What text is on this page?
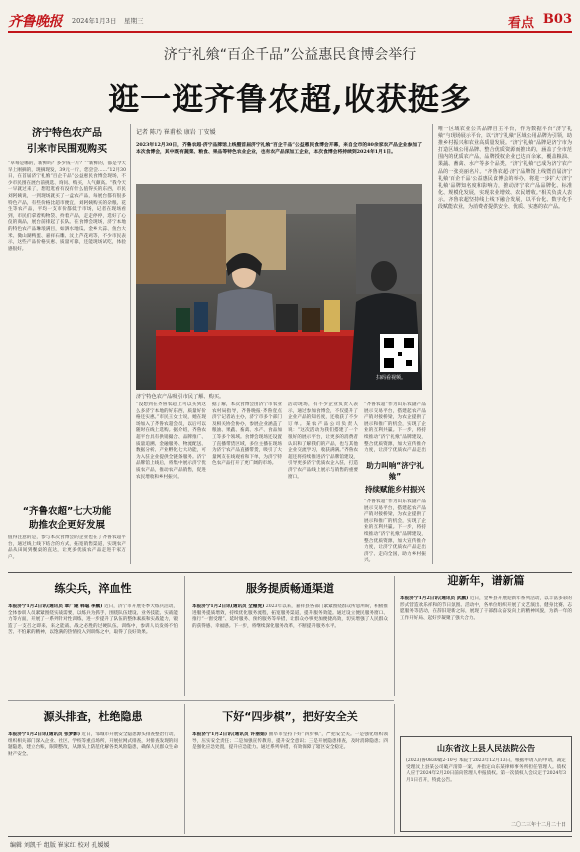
齐鲁晚报 2024年1月3日 星期三	看点 B03
济宁礼飨“百企千品”公益惠民食博会举行
逛一逛齐鲁农超,收获挺多
济宁特色农产品
引来市民围观购买
“草莓是哪的，新鲜吗？多少钱一斤？”“新鲜的，都是今天早上刚摘的，现摘现发，39元一斤，您尝尝……”12月30日，在首届济宁礼飨“百企千品”公益惠民食博会现场，不少市民围在展台前挑选、询问、购买，人气颇高。“我今天一早就过来了，想逛逛看有没有什么值得买的东西，市民刘阿姨说，一到现场就买了一盒农产品，每展台都有很多特色产品，有些价格比超市便宜，刘阿姨购买的杂粮、花生等农产品，平均一支市价都低于市场，记者在现场看到，市民们拿着购物袋、拎着产品，走走停停，选好了心仪的商品，展台前排起了长队。在食博会现场，济宁本地的特色农产品琳琅满目，如泗水地瓜、金乡大蒜、鱼台大米、微山湖鸭蛋、嘉祥石雕、汶上芦花鸡等，不少市民表示，这些产品价格实惠、质量可靠，还能现场试吃，体验感很好。
“齐鲁农超”七大功能
助推农企更好发展
值得注意的是，参与本次食博会的企业也在了齐鲁农超平台，通过线上线下结合的方式，拓宽销售渠道，实现农产品从田间到餐桌的直达，让更多优质农产品走进千家万户。
记者 陈乃 崔甫松 康岩 丁安媛
2023年12月30日，齐鲁农超·济宁品牌馆上线暨首届济宁礼飨“百企千品”公益惠民食博会开幕，来自全市的80余家农产品企业参加了本次食博会，其中既有蔬菜、粮食、果品等特色农业企业，也有农产品深加工企业，本次食博会将持续到2024年1月1日。
扫码看视频。
济宁特色农产品吸引市民了解、购买。
“没想到在齐鲁农超上可以买到这么多济宁本地的好东西，质量好价格还实惠。”市民王女士说，她在现场加入了齐鲁农超会员，以后可以随时在线上选购。据介绍，齐鲁农超平台具有供销撮合、品牌推广、质量追溯、金融服务、物流配送、数据分析、产业孵化七大功能，可为入驻企业提供全链条服务。济宁品牌馆上线后，将集中展示济宁优质农产品，推动农产品销售，促进农民增收和乡村振兴。
据了解，本次食博会由济宁市农业农村局指导，齐鲁晚报·齐鲁壹点济宁记者站主办，济宁市多个部门及相关协会协办，参展企业涵盖了粮油、果蔬、畜禽、水产、食品加工等多个领域。食博会现场还设置了直播带货区域，多位主播在现场为济宁农产品直播带货，吸引了大量网友在线观看和下单，为济宁特色农产品打开了更广阔的市场。
活动现场，有不少企业负责人表示，通过参加食博会，不仅提升了企业产品的知名度，还收获了不少订单。某农产品公司负责人说：“这次活动为我们搭建了一个很好的展示平台，让更多的消费者认识和了解我们的产品，也与其他企业交流学习，收获满满。”齐鲁农超还将持续推进济宁品牌馆建设，引导更多济宁优质农企入驻，打造济宁农产品线上展示与销售的重要窗口。
“齐鲁农超”作为山东农副产品展示交易平台，搭建起农产品产销对接桥梁，为农企提供了展示和推广的机会，实现了企业的互利共赢。下一步，将持续推动“济宁礼飨”品牌建设，整合优质资源，加大宣传推介力度，让济宁优质农产品走出
助力叫响“济宁礼飨”
持续赋能乡村振兴
“齐鲁农超”作为山东农副产品展示交易平台，搭建起农产品产销对接桥梁，为农企提供了展示和推广的机会，实现了企业的互利共赢。下一步，将持续推动“济宁礼飨”品牌建设，整合优质资源，加大宣传推介力度，让济宁优质农产品走出济宁、走向全国，助力乡村振兴。
唯一区域农业公共品牌自主平台，作为数据平台“济宁礼飨”与现场展示平台，以“济宁礼飨”区域公用品牌为引领，助推乡村振兴和农业高质量发展。“济宁礼飨”品牌是济宁市为打造区域公用品牌、整合优质资源而推出的，涵盖了全市范围内的优质农产品，品牌授权企业已达百余家，覆盖粮油、果蔬、畜禽、水产等多个品类，“济宁礼飨”已成为济宁农产品的一张亮丽名片。“齐鲁农超·济宁品牌馆上线暨首届济宁礼飨‘百企千品’公益惠民食博会的举办，将进一步扩大‘济宁礼飨’品牌知名度和影响力，推动济宁农产品品牌化、标准化、规模化发展，实现农业增效、农民增收。”相关负责人表示。齐鲁农超坚持线上线下融合发展，以平台化、数字化手段赋能农业，为消费者提供安全、优质、实惠的农产品。
练尖兵，淬血性
本报济宁1月2日讯(通讯员 章广建 韩聪 李鹏) 近日，济宁市开展冬季大练兵活动，全体参训人员紧紧围绕实战需要，以练兵为抓手，围绕队伍建设、业务技能、实战能力等方面，开展了一系列针对性训练，进一步提升了队伍的整体素质和实战能力，锻造了一支召之即来、来之能战、战之必胜的过硬队伍。训练中，参训人员发扬不怕苦、不怕累的精神，以饱满的热情投入到训练之中，取得了良好效果。
服务提质畅通渠道
本报济宁1月2日讯(通讯员 全栅虎) 2023年以来，嘉祥县各部门紧紧围绕群众所思所盼，积极推进服务提质增效，持续优化服务流程，拓宽服务渠道，提升服务效能。通过设立便民服务窗口、推行“一窗受理”、延时服务、预约服务等举措，让群众办事更加便捷高效，切实增强了人民群众的获得感、幸福感。下一步，将继续深化服务改革，不断提升服务水平。
迎新年，谱新篇
本报济宁1月2日讯(通讯员 武鹏) 近日，金乡县开展迎新年系列活动，以丰富多彩的形式营造欢乐祥和的节日氛围。活动中，各单位组织开展了文艺演出、健身比赛、志愿服务等活动，在辞旧迎新之际，展现了干部群众奋发向上的精神风貌，为新一年的工作开好局、起好步凝聚了强大合力。
源头排查，杜绝隐患
本报济宁1月2日讯(通讯员 张梦影) 近日，邹城市开展安全隐患源头排查整治行动，组织相关部门深入企业、社区、学校等重点场所，开展拉网式排查，对排查发现的问题隐患，建立台账，限期整改，从源头上防范化解各类风险隐患，确保人民群众生命财产安全。
下好“四步棋”，把好安全关
本报济宁1月2日讯(通讯员 许丽娟) 曲阜市坚持下好“四步棋”，严把安全关。一是强化组织领导，压实安全责任；二是加强宣传教育，提升安全意识；三是开展隐患排查，及时消除隐患；四是强化应急处置，提升应急能力。通过系列举措，有效保障了辖区安全稳定。	山东省汶上县人民法院公告
(2023)鲁0830破2-10号 本院于2023年12月13日，根据申请人的申请，裁定受理汶上县某公司破产清算一案，并指定山东某律师事务所担任管理人。债权人应于2024年2月20日前向管理人申报债权。第一次债权人会议定于2024年3月1日召开，特此公告。
二〇二三年十二月二十日
编辑 刘凯千 组版 崔家红 校对 孔媛媛
